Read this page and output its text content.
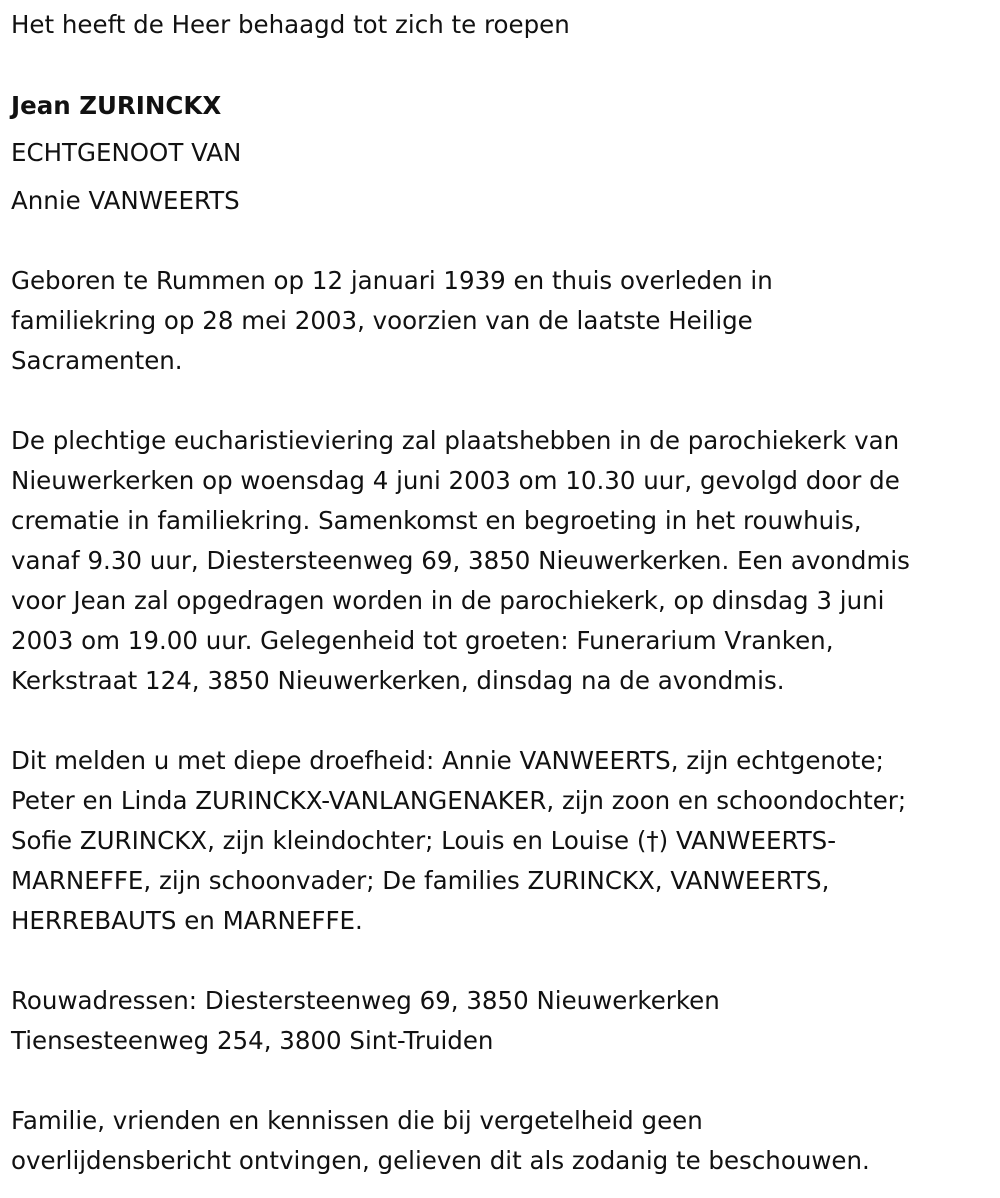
Het heeft de Heer behaagd tot zich te roepen

Jean ZURINCKX

ECHTGENOOT VAN

Annie VANWEERTS

Geboren te Rummen op 12 januari 1939 en thuis overleden in
familiekring op 28 mei 2003, voorzien van de laatste Heilige
Sacramenten.

De plechtige eucharistieviering zal plaatshebben in de parochiekerk van
Nieuwerkerken op woensdag 4 juni 2003 om 10.30 uur, gevolgd door de
crematie in familiekring. Samenkomst en begroeting in het rouwhuis,
vanaf 9.30 uur, Diestersteenweg 69, 3850 Nieuwerkerken. Een avondmis
voor Jean zal opgedragen worden in de parochiekerk, op dinsdag 3 juni
2003 om 19.00 uur. Gelegenheid tot groeten: Funerarium Vranken,
Kerkstraat 124, 3850 Nieuwerkerken, dinsdag na de avondmis.

Dit melden u met diepe droefheid: Annie VANWEERTS, zijn echtgenote;
Peter en Linda ZURINCKX-VANLANGENAKER, zijn zoon en schoondochter;
Sofie ZURINCKX, zijn kleindochter; Louis en Louise (†) VANWEERTS-
MARNEFFE, zijn schoonvader; De families ZURINCKX, VANWEERTS,
HERREBAUTS en MARNEFFE.

Rouwadressen: Diestersteenweg 69, 3850 Nieuwerkerken
Tiensesteenweg 254, 3800 Sint-Truiden

Familie, vrienden en kennissen die bij vergetelheid geen
overlijdensbericht ontvingen, gelieven dit als zodanig te beschouwen.
